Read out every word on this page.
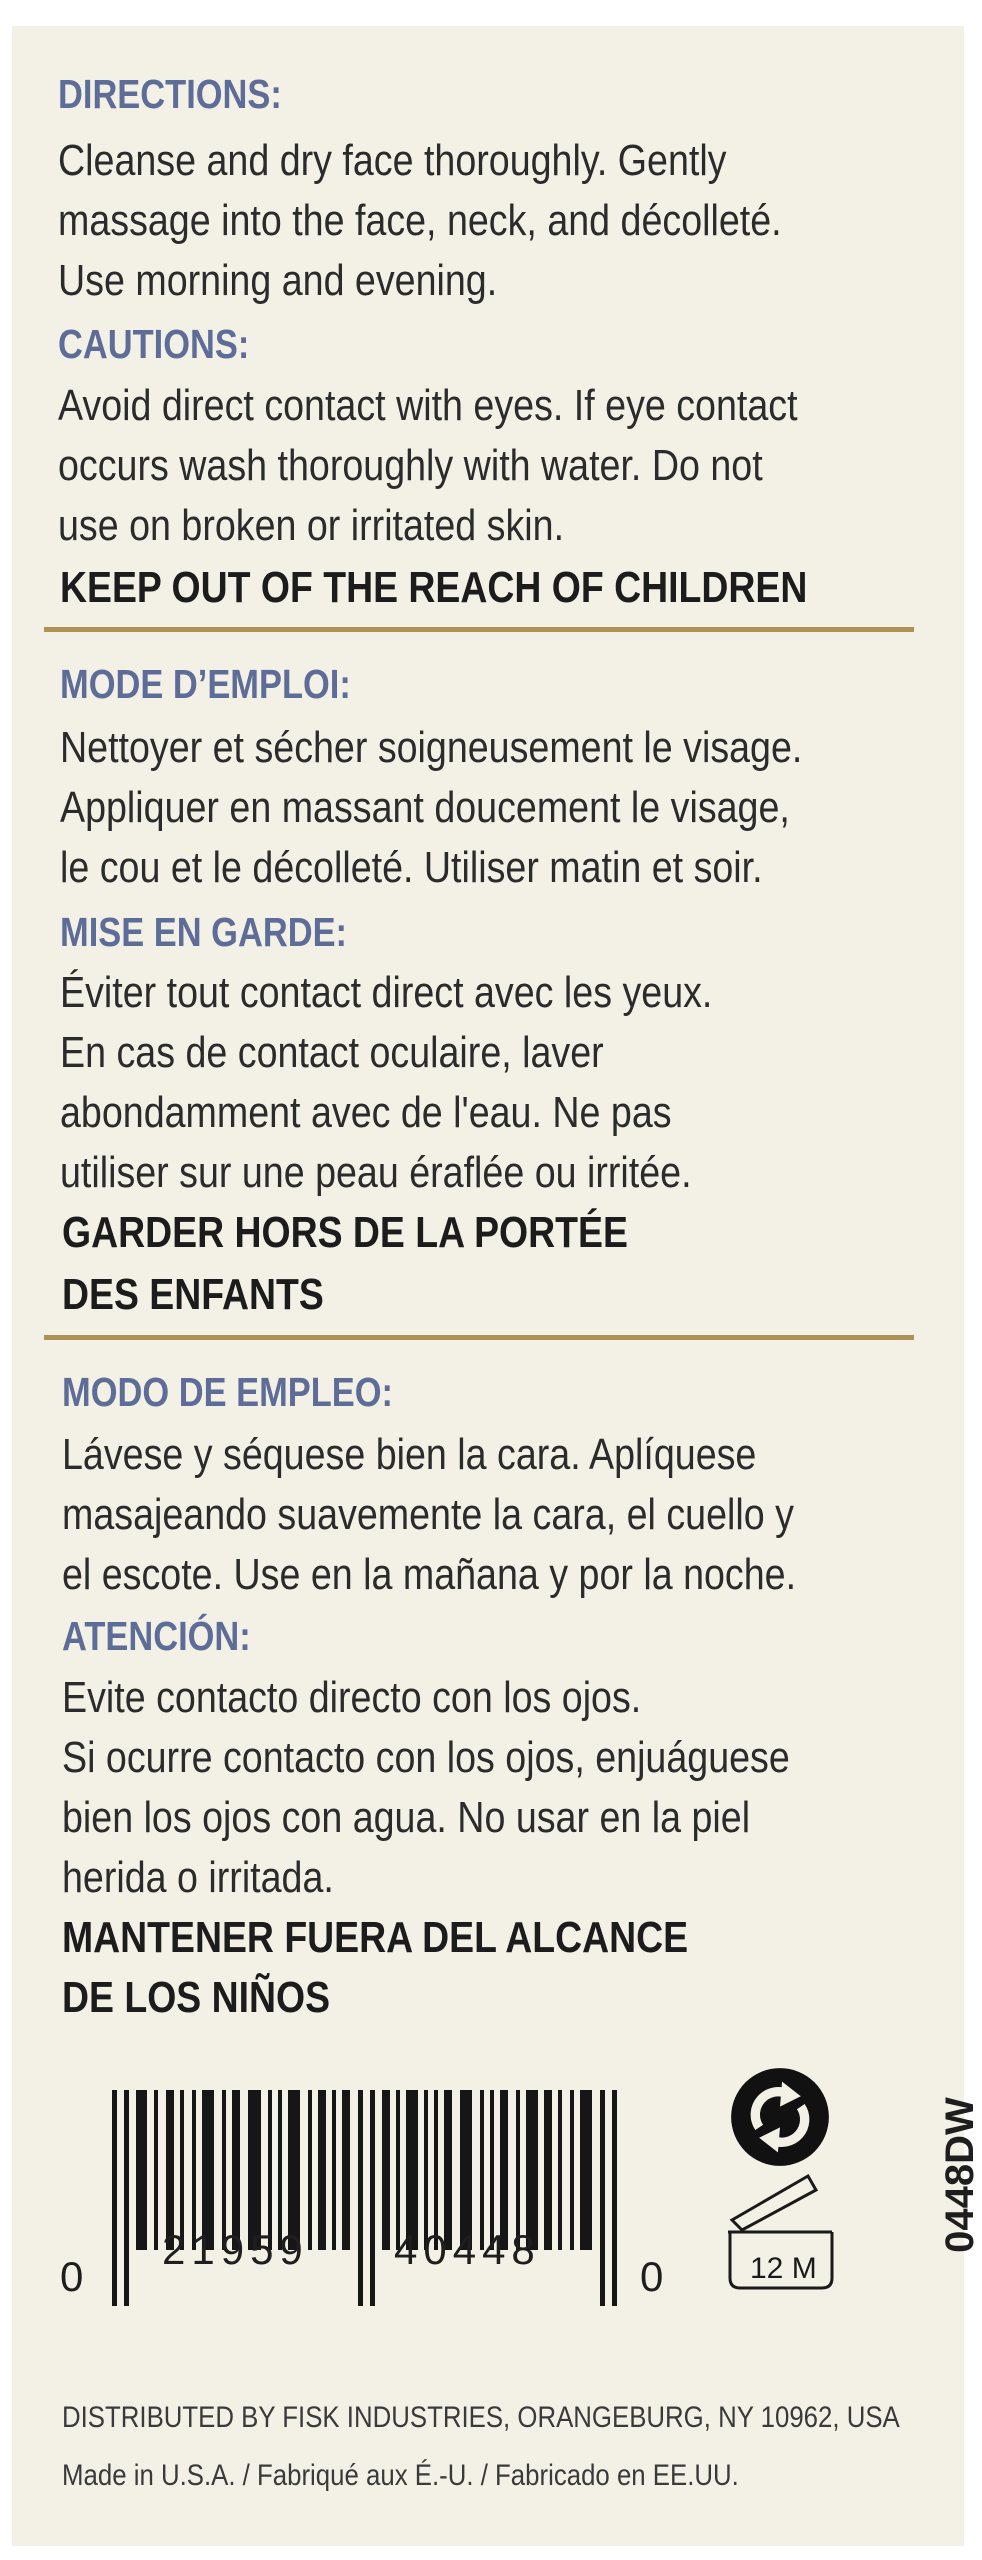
DIRECTIONS:
Cleanse and dry face thoroughly. Gently
massage into the face, neck, and décolleté.
Use morning and evening.
CAUTIONS:
Avoid direct contact with eyes. If eye contact
occurs wash thoroughly with water. Do not
use on broken or irritated skin.
KEEP OUT OF THE REACH OF CHILDREN
MODE D’EMPLOI:
Nettoyer et sécher soigneusement le visage.
Appliquer en massant doucement le visage,
le cou et le décolleté. Utiliser matin et soir.
MISE EN GARDE:
Éviter tout contact direct avec les yeux.
En cas de contact oculaire, laver
abondamment avec de l'eau. Ne pas
utiliser sur une peau éraflée ou irritée.
GARDER HORS DE LA PORTÉE
DES ENFANTS
MODO DE EMPLEO:
Lávese y séquese bien la cara. Aplíquese
masajeando suavemente la cara, el cuello y
el escote. Use en la mañana y por la noche.
ATENCIÓN:
Evite contacto directo con los ojos.
Si ocurre contacto con los ojos, enjuáguese
bien los ojos con agua. No usar en la piel
herida o irritada.
MANTENER FUERA DEL ALCANCE
DE LOS NIÑOS
0
21959 40448
0	12 M
0448DW
DISTRIBUTED BY FISK INDUSTRIES, ORANGEBURG, NY 10962, USA
Made in U.S.A. / Fabriqué aux É.-U. / Fabricado en EE.UU.
